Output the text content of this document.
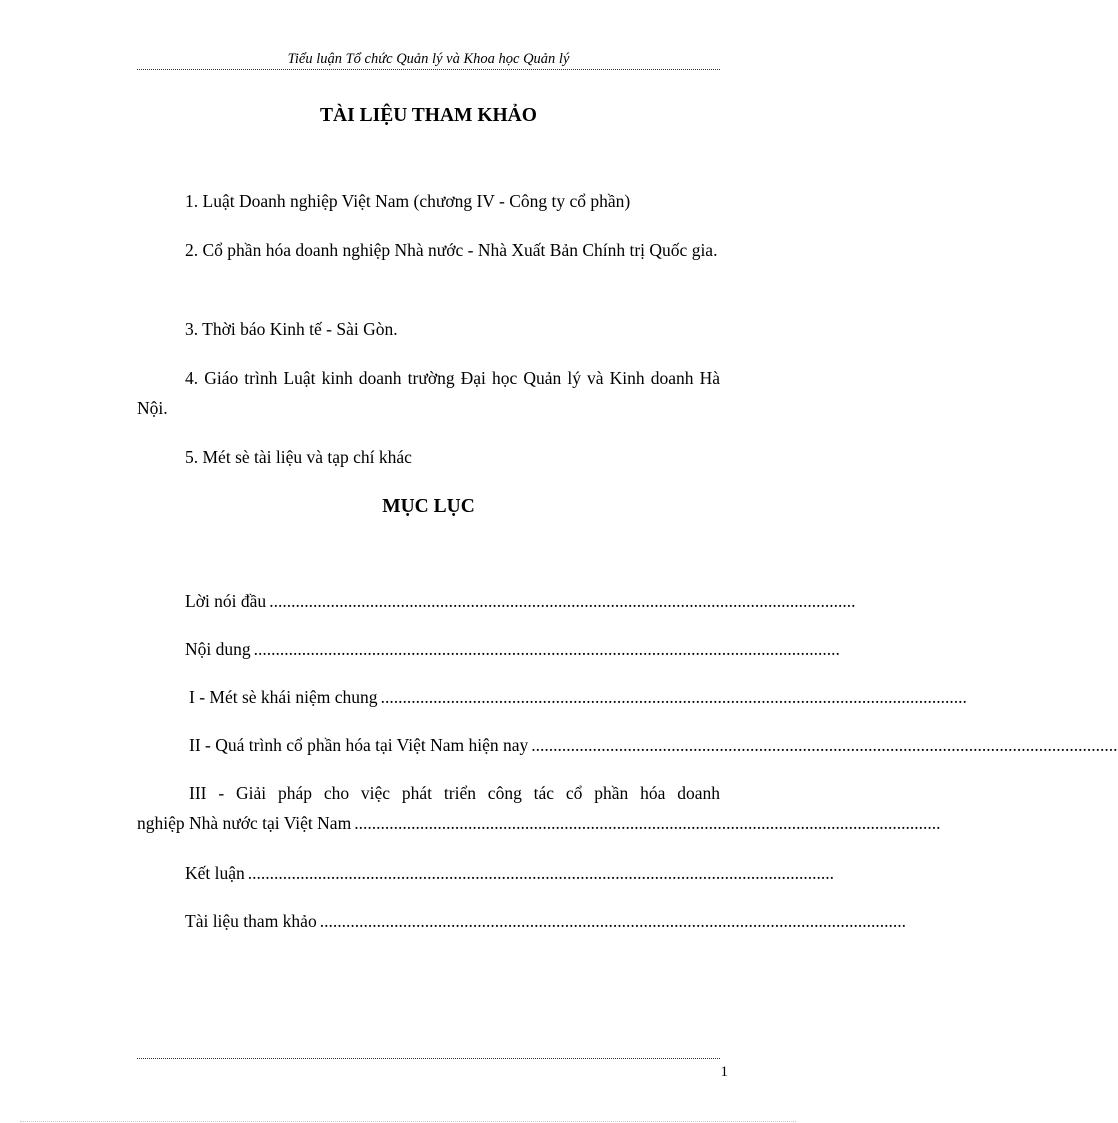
Tiểu luận Tổ chức Quản lý và Khoa học Quản lý
TÀI LIỆU THAM KHẢO

1. Luật Doanh nghiệp Việt Nam (chương IV - Công ty cổ phần)

2. Cổ phần hóa doanh nghiệp Nhà nước - Nhà Xuất Bản Chính trị Quốc gia.

3. Thời báo Kinh tế - Sài Gòn.

4. Giáo trình Luật kinh doanh trường Đại học Quản lý và Kinh doanh Hà Nội.

5. Mét sè tài liệu và tạp chí khác

MỤC LỤC
Lời nói đầu ......................................................................................................................................
Nội dung ......................................................................................................................................
I - Mét sè khái niệm chung ......................................................................................................................................
II - Quá trình cổ phần hóa tại Việt Nam hiện nay ......................................................................................................................................

III - Giải pháp cho việc phát triển công tác cổ phần hóa doanh

nghiệp Nhà nước tại Việt Nam ......................................................................................................................................
Kết luận ......................................................................................................................................
Tài liệu tham khảo ......................................................................................................................................
1
